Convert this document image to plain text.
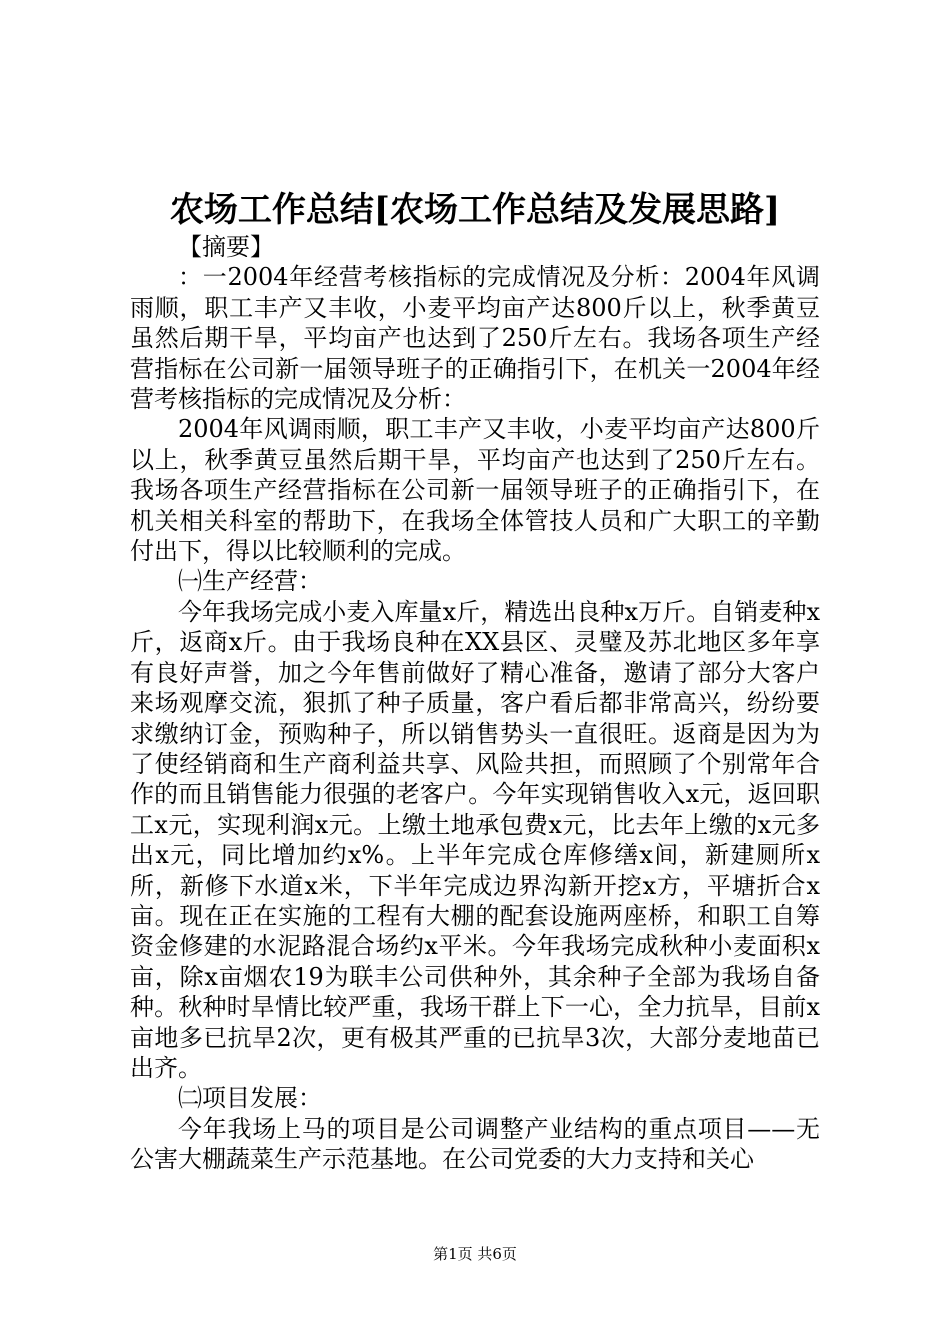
农场工作总结[农场工作总结及发展思路]

【摘要】

：一2004年经营考核指标的完成情况及分析：2004年风调雨顺，职工丰产又丰收，小麦平均亩产达800斤以上，秋季黄豆虽然后期干旱，平均亩产也达到了250斤左右。我场各项生产经营指标在公司新一届领导班子的正确指引下，在机关一2004年经营考核指标的完成情况及分析：

2004年风调雨顺，职工丰产又丰收，小麦平均亩产达800斤以上，秋季黄豆虽然后期干旱，平均亩产也达到了250斤左右。我场各项生产经营指标在公司新一届领导班子的正确指引下，在机关相关科室的帮助下，在我场全体管技人员和广大职工的辛勤付出下，得以比较顺利的完成。

㈠生产经营：

今年我场完成小麦入库量x斤，精选出良种x万斤。自销麦种x斤，返商x斤。由于我场良种在XX县区、灵璧及苏北地区多年享有良好声誉，加之今年售前做好了精心准备，邀请了部分大客户来场观摩交流，狠抓了种子质量，客户看后都非常高兴，纷纷要求缴纳订金，预购种子，所以销售势头一直很旺。返商是因为为了使经销商和生产商利益共享、风险共担，而照顾了个别常年合作的而且销售能力很强的老客户。今年实现销售收入x元，返回职工x元，实现利润x元。上缴土地承包费x元，比去年上缴的x元多出x元，同比增加约x%。上半年完成仓库修缮x间，新建厕所x所，新修下水道x米，下半年完成边界沟新开挖x方，平塘折合x亩。现在正在实施的工程有大棚的配套设施两座桥，和职工自筹资金修建的水泥路混合场约x平米。今年我场完成秋种小麦面积x亩，除x亩烟农19为联丰公司供种外，其余种子全部为我场自备种。秋种时旱情比较严重，我场干群上下一心，全力抗旱，目前x亩地多已抗旱2次，更有极其严重的已抗旱3次，大部分麦地苗已出齐。

㈡项目发展：

今年我场上马的项目是公司调整产业结构的重点项目——无公害大棚蔬菜生产示范基地。在公司党委的大力支持和关心

第1页 共6页
